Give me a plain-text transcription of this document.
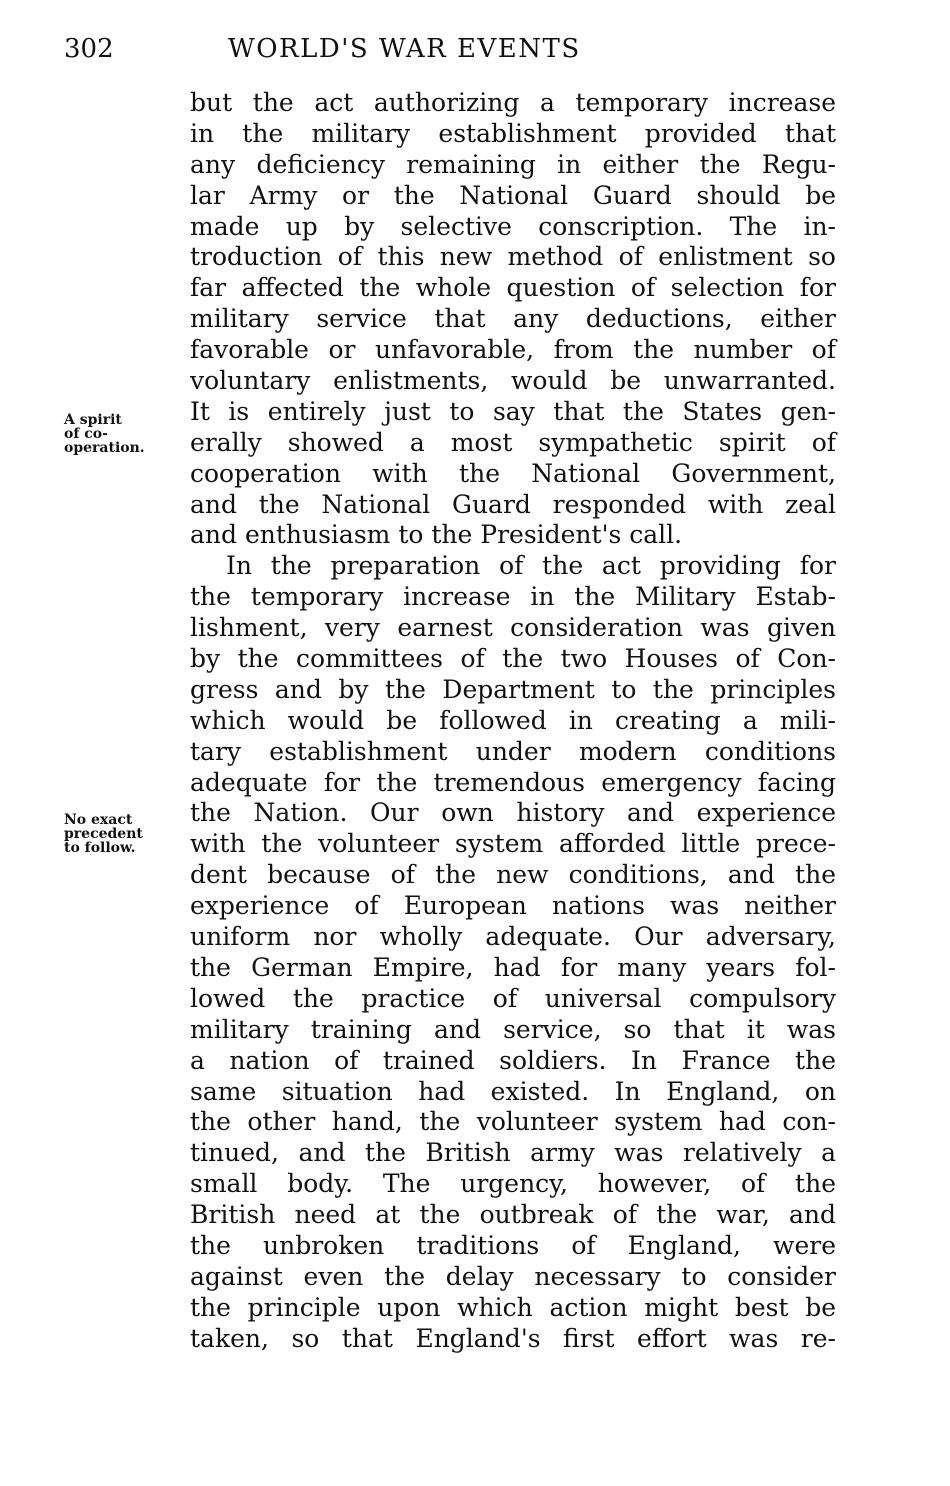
302	WORLD'S WAR EVENTS
A spirit
of co-
operation.
No exact
precedent
to follow.
but the act authorizing a temporary increase
in the military establishment provided that
any deficiency remaining in either the Regu-
lar Army or the National Guard should be
made up by selective conscription. The in-
troduction of this new method of enlistment so
far affected the whole question of selection for
military service that any deductions, either
favorable or unfavorable, from the number of
voluntary enlistments, would be unwarranted.
It is entirely just to say that the States gen-
erally showed a most sympathetic spirit of
cooperation with the National Government,
and the National Guard responded with zeal
and enthusiasm to the President's call.
In the preparation of the act providing for
the temporary increase in the Military Estab-
lishment, very earnest consideration was given
by the committees of the two Houses of Con-
gress and by the Department to the principles
which would be followed in creating a mili-
tary establishment under modern conditions
adequate for the tremendous emergency facing
the Nation. Our own history and experience
with the volunteer system afforded little prece-
dent because of the new conditions, and the
experience of European nations was neither
uniform nor wholly adequate. Our adversary,
the German Empire, had for many years fol-
lowed the practice of universal compulsory
military training and service, so that it was
a nation of trained soldiers. In France the
same situation had existed. In England, on
the other hand, the volunteer system had con-
tinued, and the British army was relatively a
small body. The urgency, however, of the
British need at the outbreak of the war, and
the unbroken traditions of England, were
against even the delay necessary to consider
the principle upon which action might best be
taken, so that England's first effort was re-
